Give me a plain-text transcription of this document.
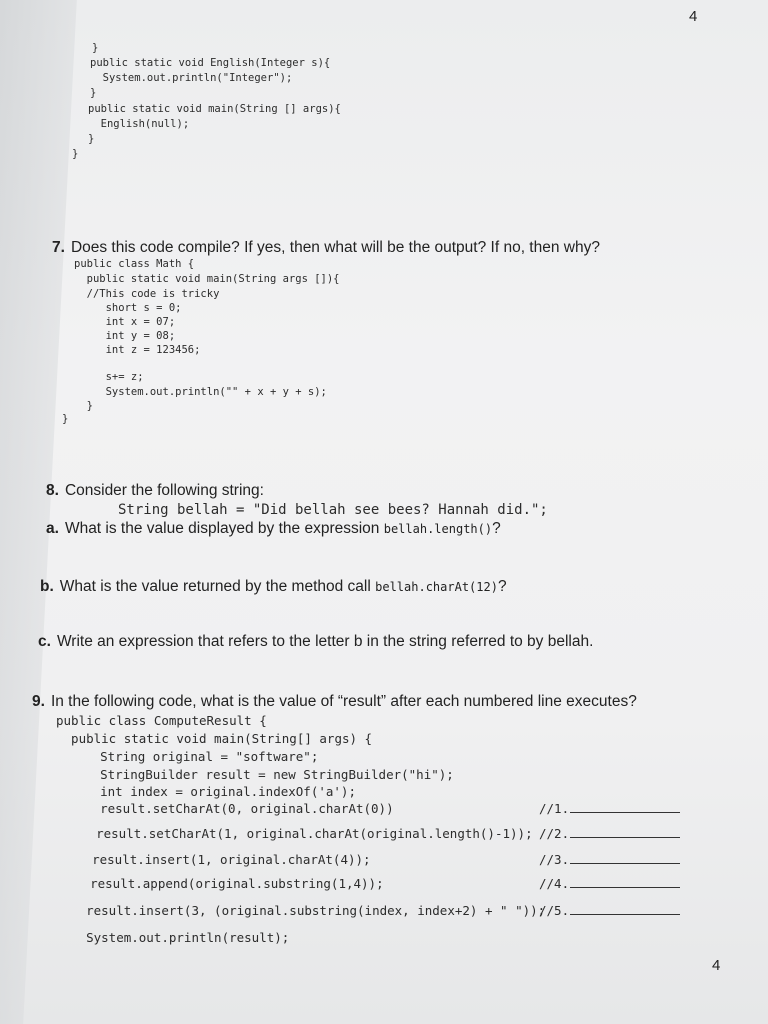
4
}
public static void English(Integer s){
System.out.println("Integer");
}
public static void main(String [] args){
English(null);
}
}
7. Does this code compile? If yes, then what will be the output? If no, then why?
public class Math {
public static void main(String args []){
//This code is tricky
short s = 0;
int x = 07;
int y = 08;
int z = 123456;
s+= z;
System.out.println("" + x + y + s);
}
}
8. Consider the following string:
String bellah = "Did bellah see bees? Hannah did.";
a. What is the value displayed by the expression bellah.length()?
b. What is the value returned by the method call bellah.charAt(12)?
c. Write an expression that refers to the letter b in the string referred to by bellah.
9. In the following code, what is the value of “result” after each numbered line executes?
public class ComputeResult {
public static void main(String[] args) {
String original = "software";
StringBuilder result = new StringBuilder("hi");
int index = original.indexOf('a');
result.setCharAt(0, original.charAt(0))
result.setCharAt(1, original.charAt(original.length()-1));
result.insert(1, original.charAt(4));
result.append(original.substring(1,4));
result.insert(3, (original.substring(index, index+2) + " "));
System.out.println(result);
//1.
//2.
//3.
//4.
//5.
4
